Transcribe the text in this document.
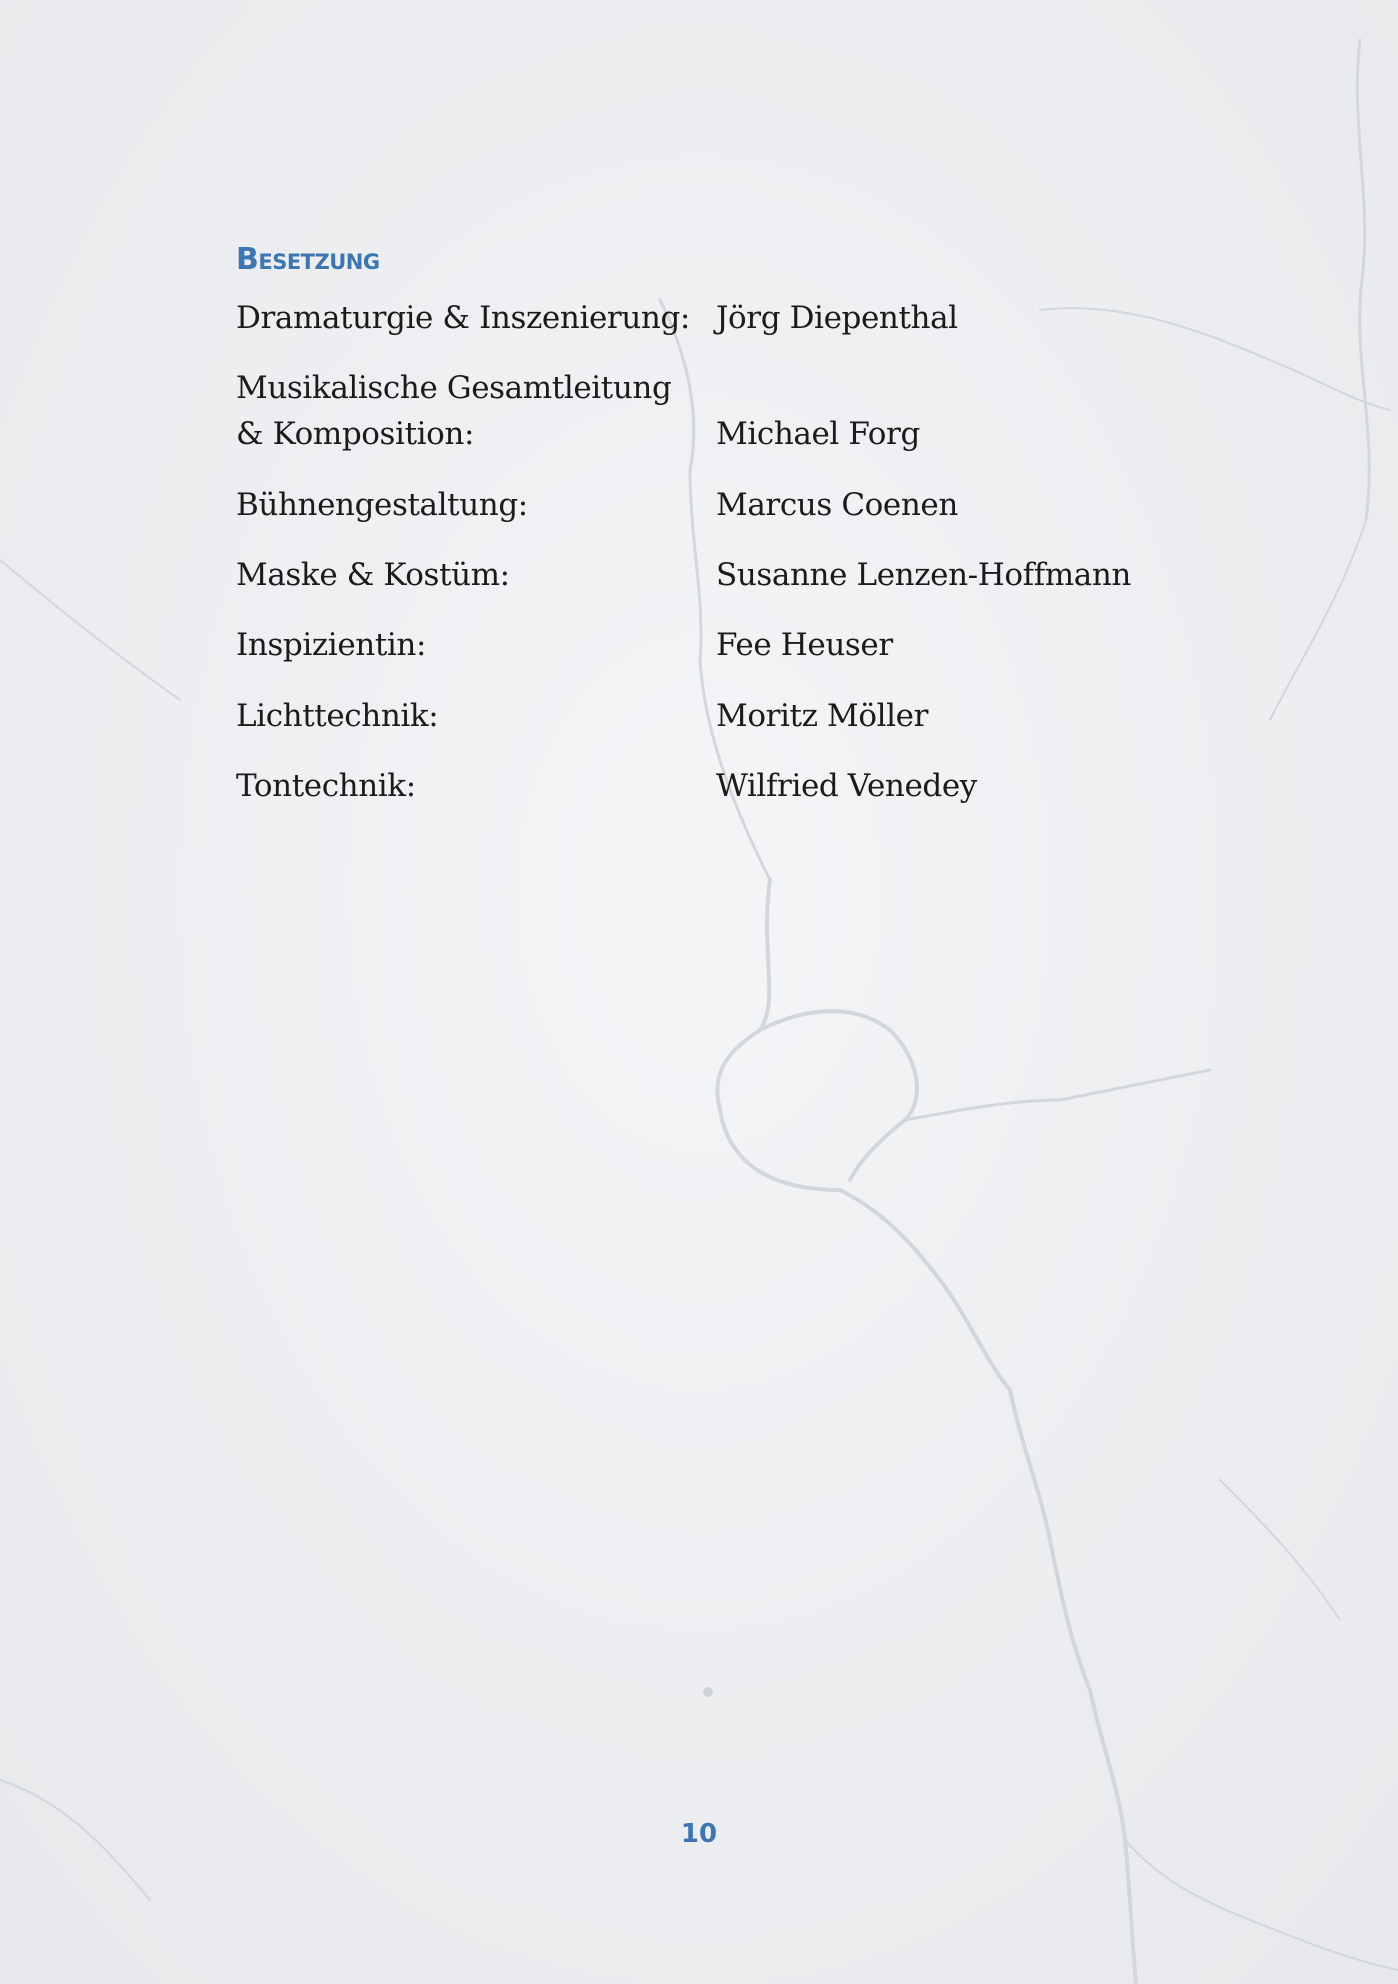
Besetzung
Dramaturgie & Inszenierung: Jörg Diepenthal
Musikalische Gesamtleitung
& Komposition:	Michael Forg
Bühnengestaltung:	Marcus Coenen
Maske & Kostüm:	Susanne Lenzen-Hoffmann
Inspizientin:	Fee Heuser
Lichttechnik:	Moritz Möller
Tontechnik:	Wilfried Venedey
10
